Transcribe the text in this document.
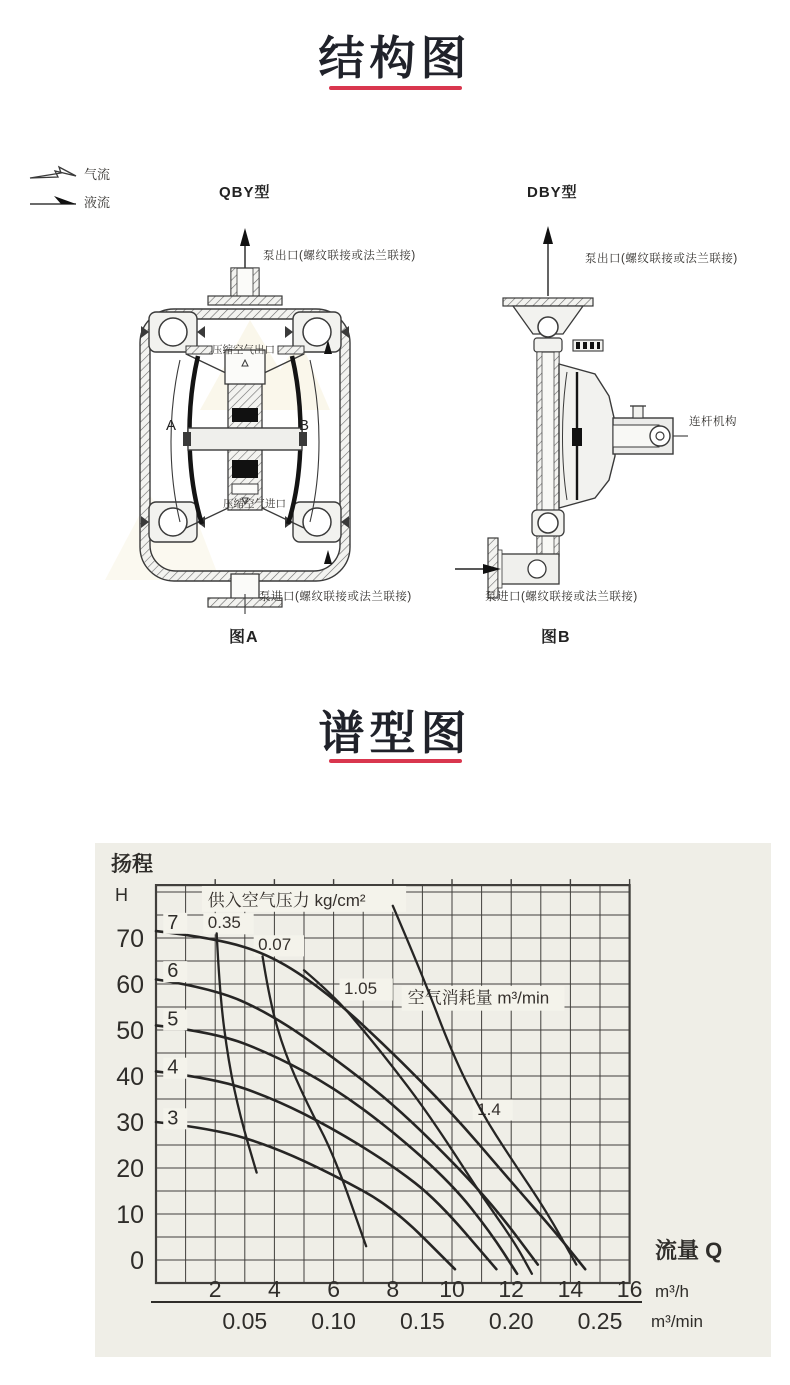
结构图
气流
液流
QBY型	DBY型
泵出口(螺纹联接或法兰联接)
压缩空气出口
A	B
压缩空气进口
泵进口(螺纹联接或法兰联接)
图A
泵出口(螺纹联接或法兰联接)
连杆机构
泵进口(螺纹联接或法兰联接)
图B
谱型图
0
10
20
30
40
50
60
70
扬程
H
2 4 6 8 10 12 14 16
0.05 0.10 0.15 0.20 0.25
流量 Q
m³/h
m³/min
供入空气压力 kg/cm²
0.35
0.07
1.05 空气消耗量 m³/min
1.4
7
6
5
4
3
